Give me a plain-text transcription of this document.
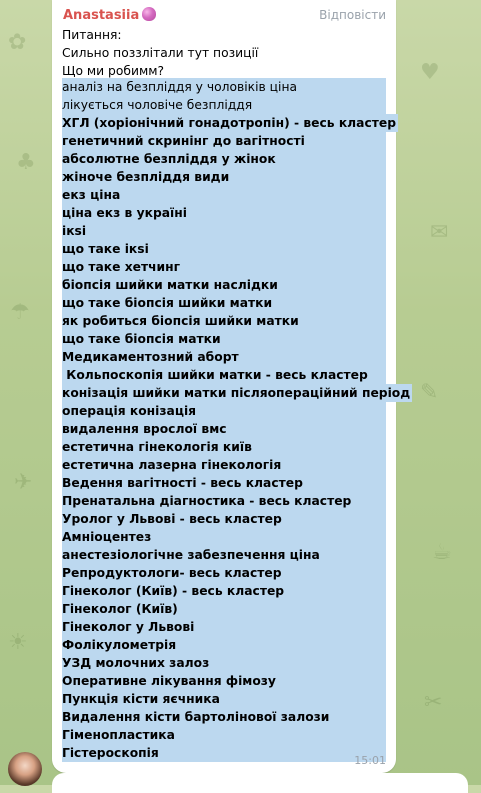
✿
♣
☂
✈
☀
♥
✉
✎
☕
✂
Anastasiia	Відповісти
Питання:
Сильно поззлітали тут позиції
Що ми робимм?
аналіз на безпліддя у чоловіків ціна
лікується чоловіче безпліддя
ХГЛ (хоріонічний гонадотропін) - весь кластер
генетичний скринінг до вагітності
абсолютне безпліддя у жінок
жіноче безпліддя види
екз ціна
ціна екз в україні
ікsі
що таке ікsі
що таке хетчинг
біопсія шийки матки наслідки
що таке біопсія шийки матки
як робиться біопсія шийки матки
що таке біопсія матки
Медикаментозний аборт
Кольпоскопія шийки матки - весь кластер
конізація шийки матки післяопераційний період
операція конізація
видалення врослої вмс
естетична гінекологія київ
естетична лазерна гінекологія
Ведення вагітності - весь кластер
Пренатальна діагностика - весь кластер
Уролог у Львові - весь кластер
Амніоцентез
анестезіологічне забезпечення ціна
Репродуктологи- весь кластер
Гінеколог (Київ) - весь кластер
Гінеколог (Київ)
Гінеколог у Львові
Фолікулометрія
УЗД молочних залоз
Оперативне лікування фімозу
Пункція кісти яєчника
Видалення кісти бартолінової залози
Гіменопластика
Гістероскопія
15:01
